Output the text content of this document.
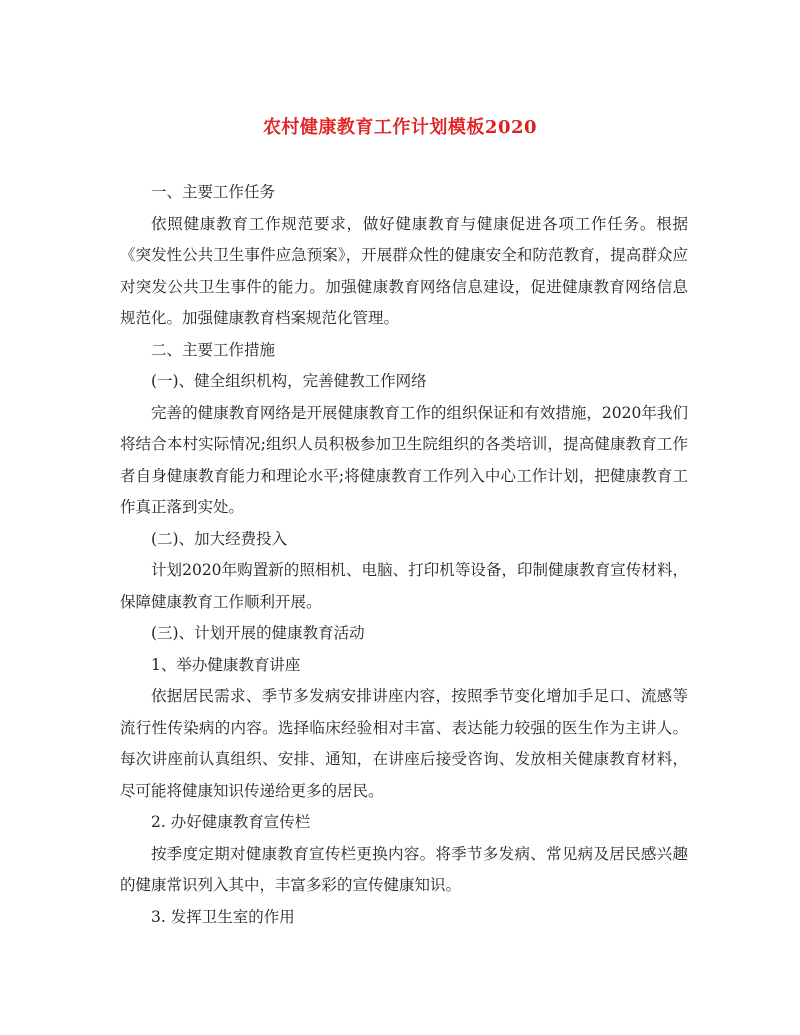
农村健康教育工作计划模板2020

一、主要工作任务

依照健康教育工作规范要求，做好健康教育与健康促进各项工作任务。根据《突发性公共卫生事件应急预案》，开展群众性的健康安全和防范教育，提高群众应对突发公共卫生事件的能力。加强健康教育网络信息建设，促进健康教育网络信息规范化。加强健康教育档案规范化管理。

二、主要工作措施

(一)、健全组织机构，完善健教工作网络

完善的健康教育网络是开展健康教育工作的组织保证和有效措施，2020年我们将结合本村实际情况;组织人员积极参加卫生院组织的各类培训，提高健康教育工作者自身健康教育能力和理论水平;将健康教育工作列入中心工作计划，把健康教育工作真正落到实处。

(二)、加大经费投入

计划2020年购置新的照相机、电脑、打印机等设备，印制健康教育宣传材料，保障健康教育工作顺利开展。

(三)、计划开展的健康教育活动

1、举办健康教育讲座

依据居民需求、季节多发病安排讲座内容，按照季节变化增加手足口、流感等流行性传染病的内容。选择临床经验相对丰富、表达能力较强的医生作为主讲人。每次讲座前认真组织、安排、通知，在讲座后接受咨询、发放相关健康教育材料，尽可能将健康知识传递给更多的居民。

2. 办好健康教育宣传栏

按季度定期对健康教育宣传栏更换内容。将季节多发病、常见病及居民感兴趣的健康常识列入其中，丰富多彩的宣传健康知识。

3. 发挥卫生室的作用
